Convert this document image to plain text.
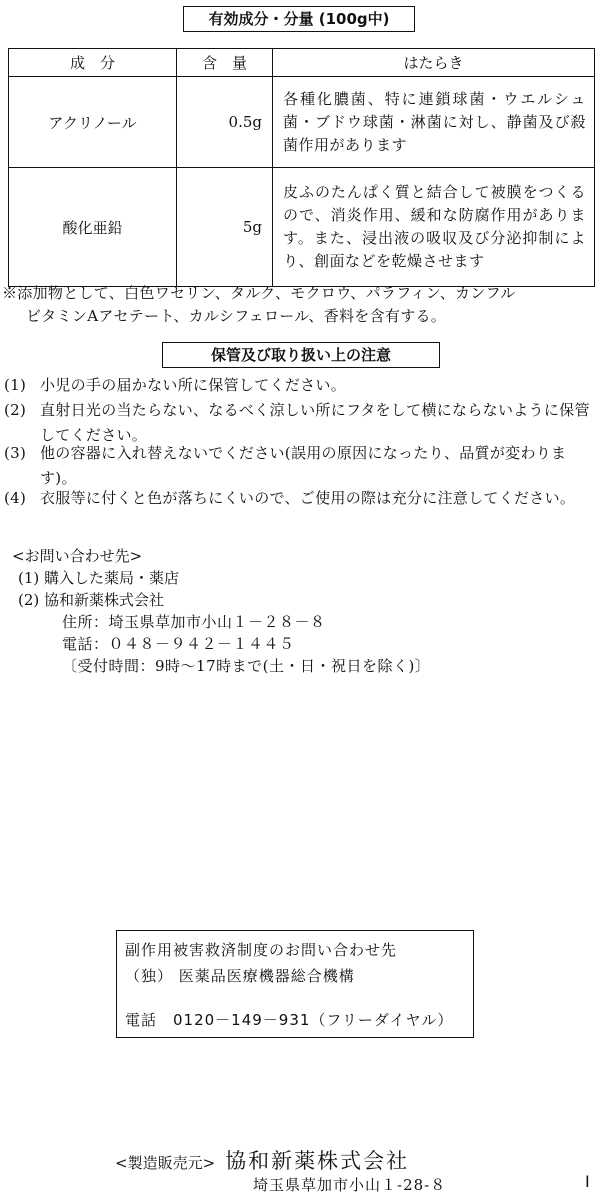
有効成分・分量 (100g中)
成　分	含　量	はたらき
アクリノール	0.5g	各種化膿菌、特に連鎖球菌・ウエルシュ菌・ブドウ球菌・淋菌に対し、静菌及び殺菌作用があります
酸化亜鉛	5g	皮ふのたんぱく質と結合して被膜をつくるので、消炎作用、緩和な防腐作用があります。また、浸出液の吸収及び分泌抑制により、創面などを乾燥させます
※添加物として、白色ワセリン、タルク、モクロウ、パラフィン、カンフル
ビタミンAアセテート、カルシフェロール、香料を含有する。
保管及び取り扱い上の注意
(1) 小児の手の届かない所に保管してください。
(2) 直射日光の当たらない、なるべく涼しい所にフタをして横にならないように保管してください。
(3) 他の容器に入れ替えないでください(誤用の原因になったり、品質が変わります)。
(4) 衣服等に付くと色が落ちにくいので、ご使用の際は充分に注意してください。
<お問い合わせ先>
(1) 購入した薬局・薬店
(2) 協和新薬株式会社
住所：埼玉県草加市小山１－２８－８
電話：０４８－９４２－１４４５
〔受付時間：9時〜17時まで(土・日・祝日を除く)〕
副作用被害救済制度のお問い合わせ先
（独） 医薬品医療機器総合機構
電話　0120－149－931（フリーダイヤル）
<製造販売元> 協和新薬株式会社
埼玉県草加市小山１-28-８	I
